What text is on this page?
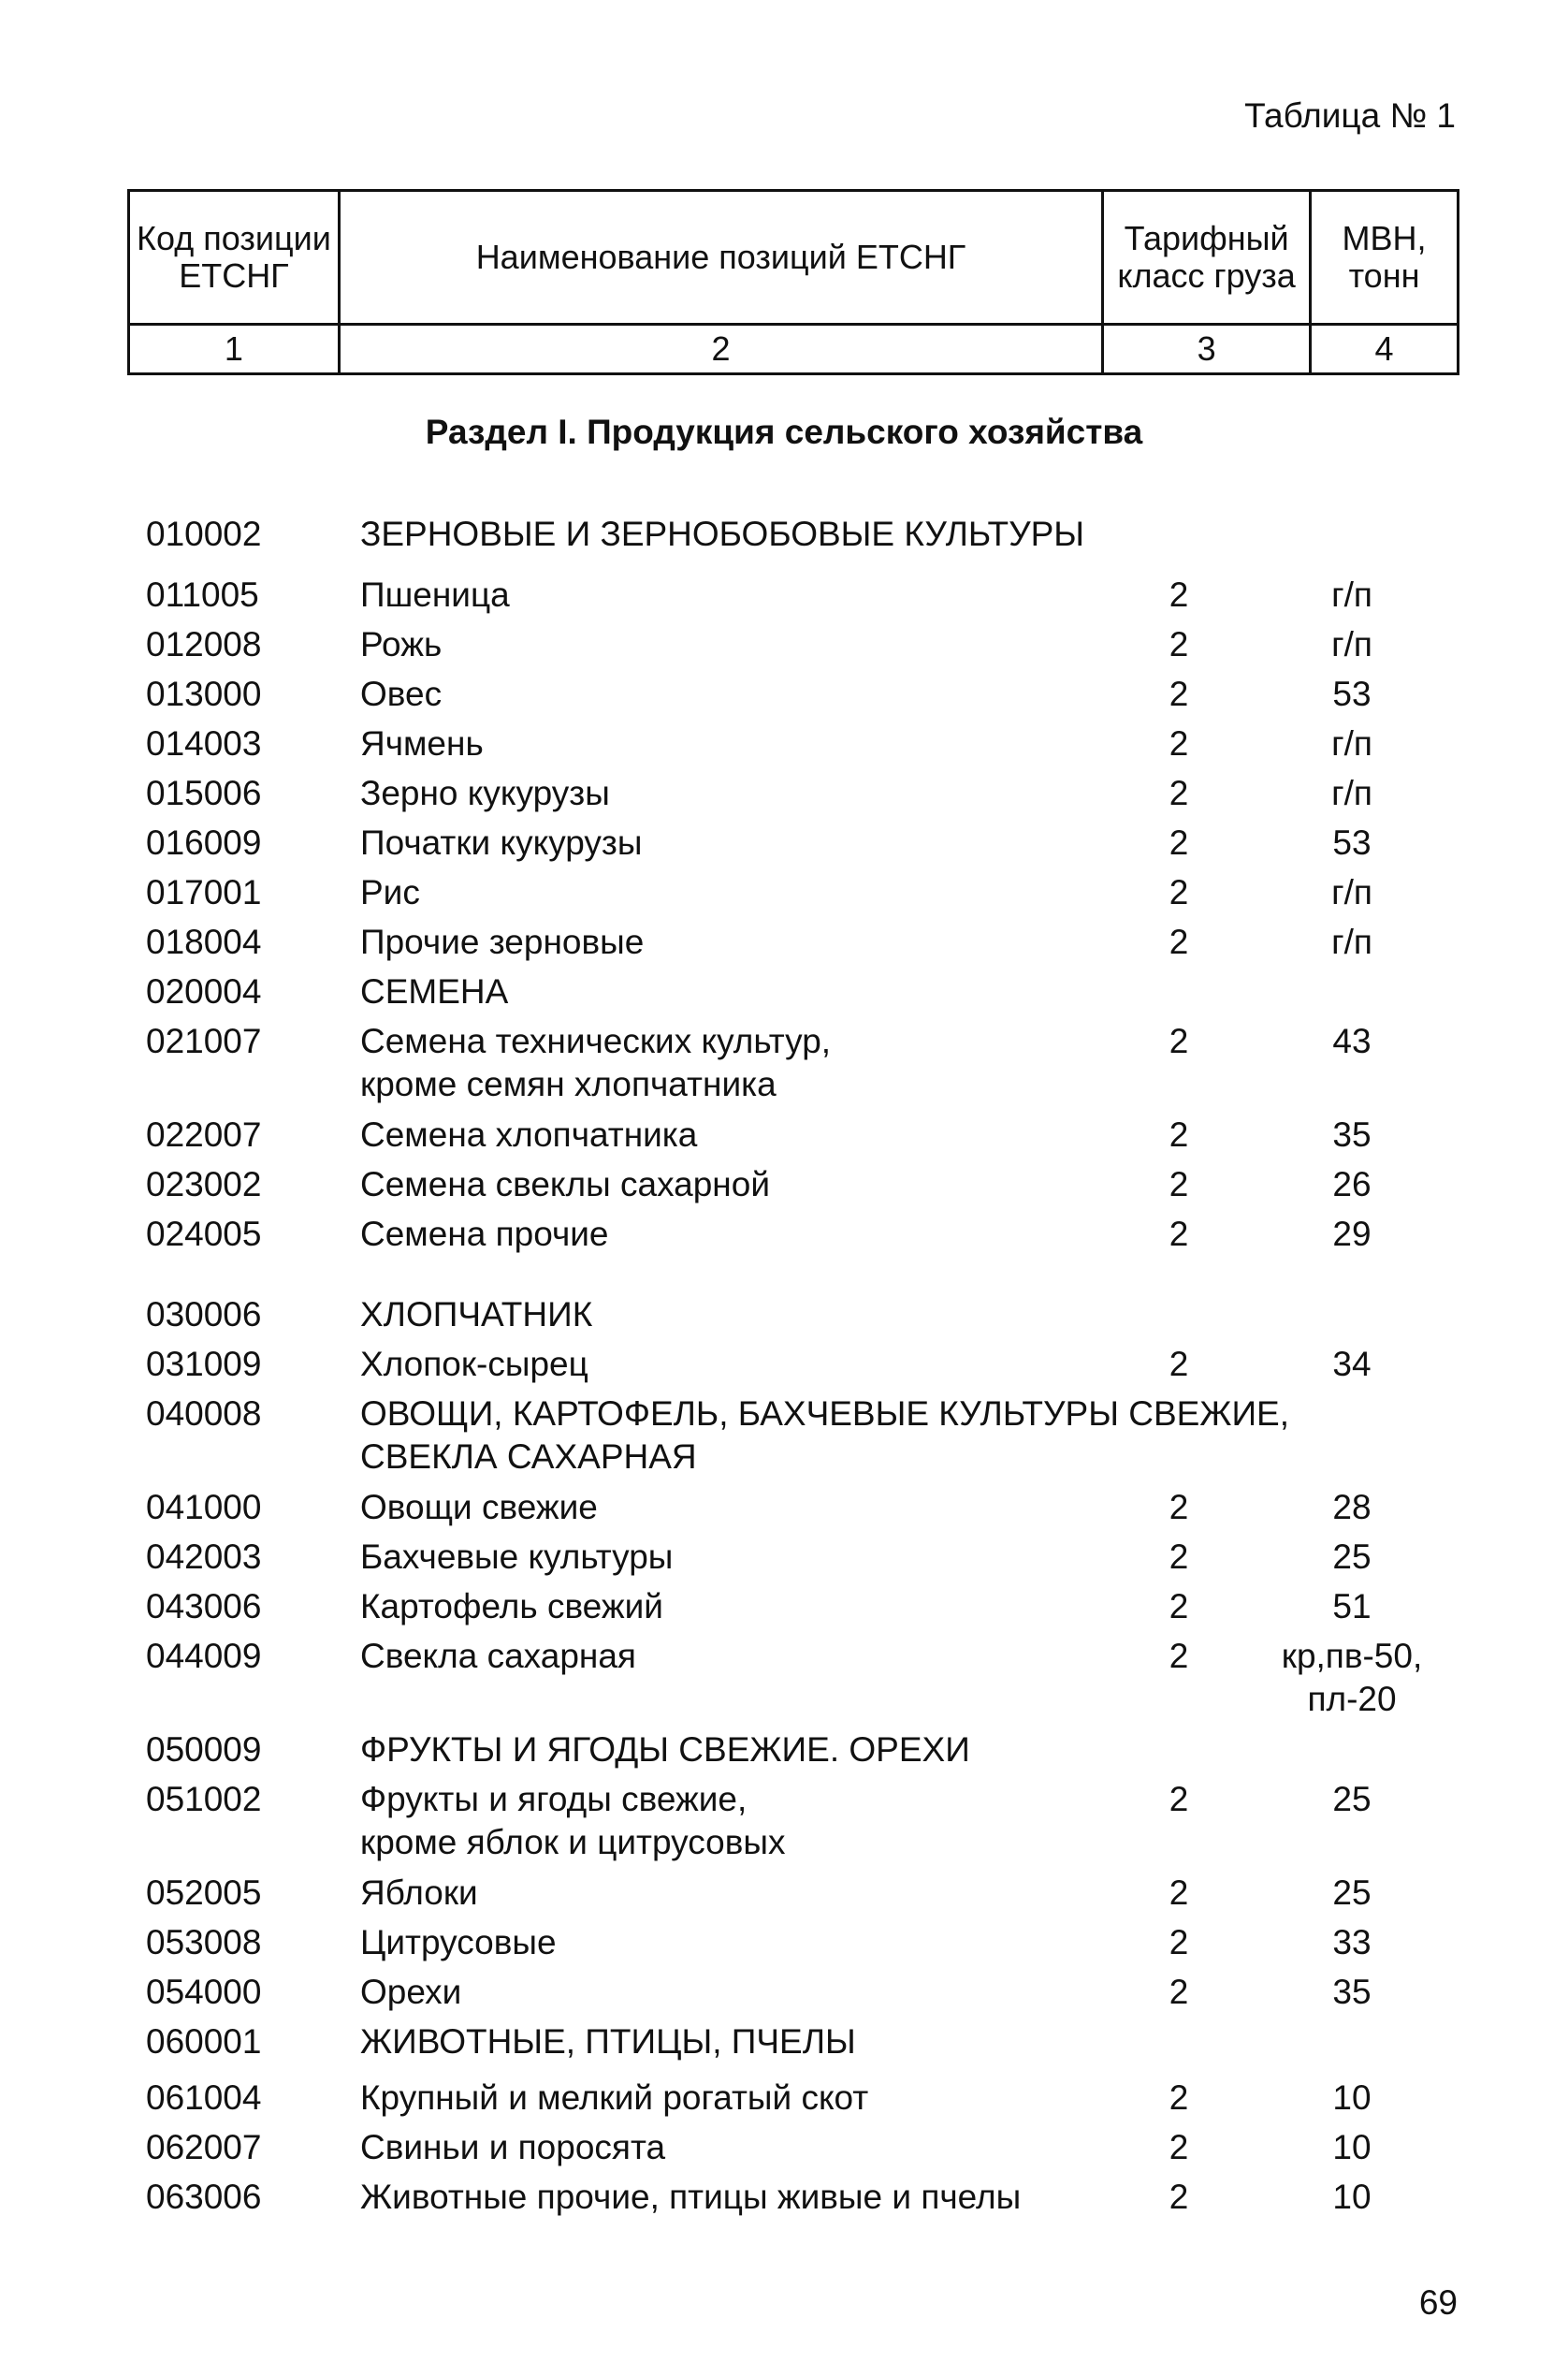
Таблица № 1
Код позиции ЕТСНГ	Наименование позиций ЕТСНГ	Тарифный класс груза	МВН, тонн
1	2	3	4
Раздел I. Продукция сельского хозяйства
010002	ЗЕРНОВЫЕ И ЗЕРНОБОБОВЫЕ КУЛЬТУРЫ
011005	Пшеница	2	г/п
012008	Рожь	2	г/п
013000	Овес	2	53
014003	Ячмень	2	г/п
015006	Зерно кукурузы	2	г/п
016009	Початки кукурузы	2	53
017001	Рис	2	г/п
018004	Прочие зерновые	2	г/п
020004	СЕМЕНА
021007	Семена технических культур,
кроме семян хлопчатника
2	43
022007	Семена хлопчатника	2	35
023002	Семена свеклы сахарной	2	26
024005	Семена прочие	2	29
030006	ХЛОПЧАТНИК
031009	Хлопок-сырец	2	34
040008	ОВОЩИ, КАРТОФЕЛЬ, БАХЧЕВЫЕ КУЛЬТУРЫ СВЕЖИЕ,
СВЕКЛА САХАРНАЯ
041000	Овощи свежие	2	28
042003	Бахчевые культуры	2	25
043006	Картофель свежий	2	51
044009	Свекла сахарная	2	кр,пв-50,
пл-20
050009	ФРУКТЫ И ЯГОДЫ СВЕЖИЕ. ОРЕХИ
051002	Фрукты и ягоды свежие,
кроме яблок и цитрусовых
2	25
052005	Яблоки	2	25
053008	Цитрусовые	2	33
054000	Орехи	2	35
060001	ЖИВОТНЫЕ, ПТИЦЫ, ПЧЕЛЫ
061004	Крупный и мелкий рогатый скот	2	10
062007	Свиньи и поросята	2	10
063006	Животные прочие, птицы живые и пчелы	2	10
69
